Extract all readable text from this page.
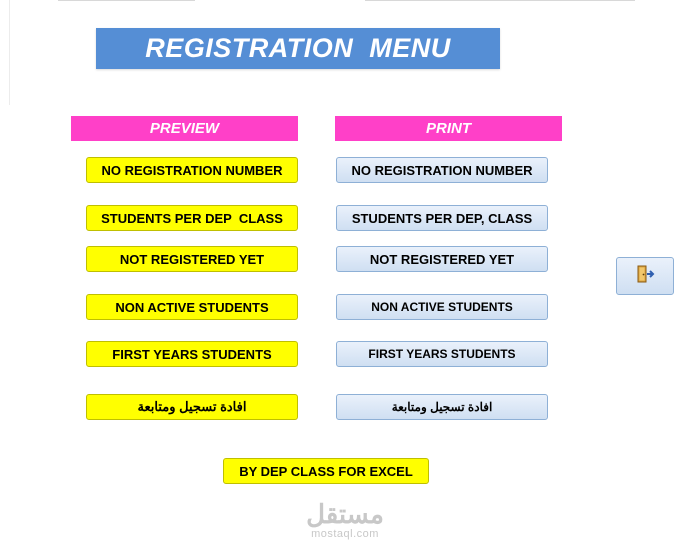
REGISTRATION  MENU
PREVIEW	PRINT
NO REGISTRATION NUMBER
STUDENTS PER DEP  CLASS
NOT REGISTERED YET
NON ACTIVE STUDENTS
FIRST YEARS STUDENTS
افادة تسجيل ومتابعة
NO REGISTRATION NUMBER
STUDENTS PER DEP, CLASS
NOT REGISTERED YET
NON ACTIVE STUDENTS
FIRST YEARS STUDENTS
افادة تسجيل ومتابعة
BY DEP CLASS FOR EXCEL
مستقل
mostaql.com
